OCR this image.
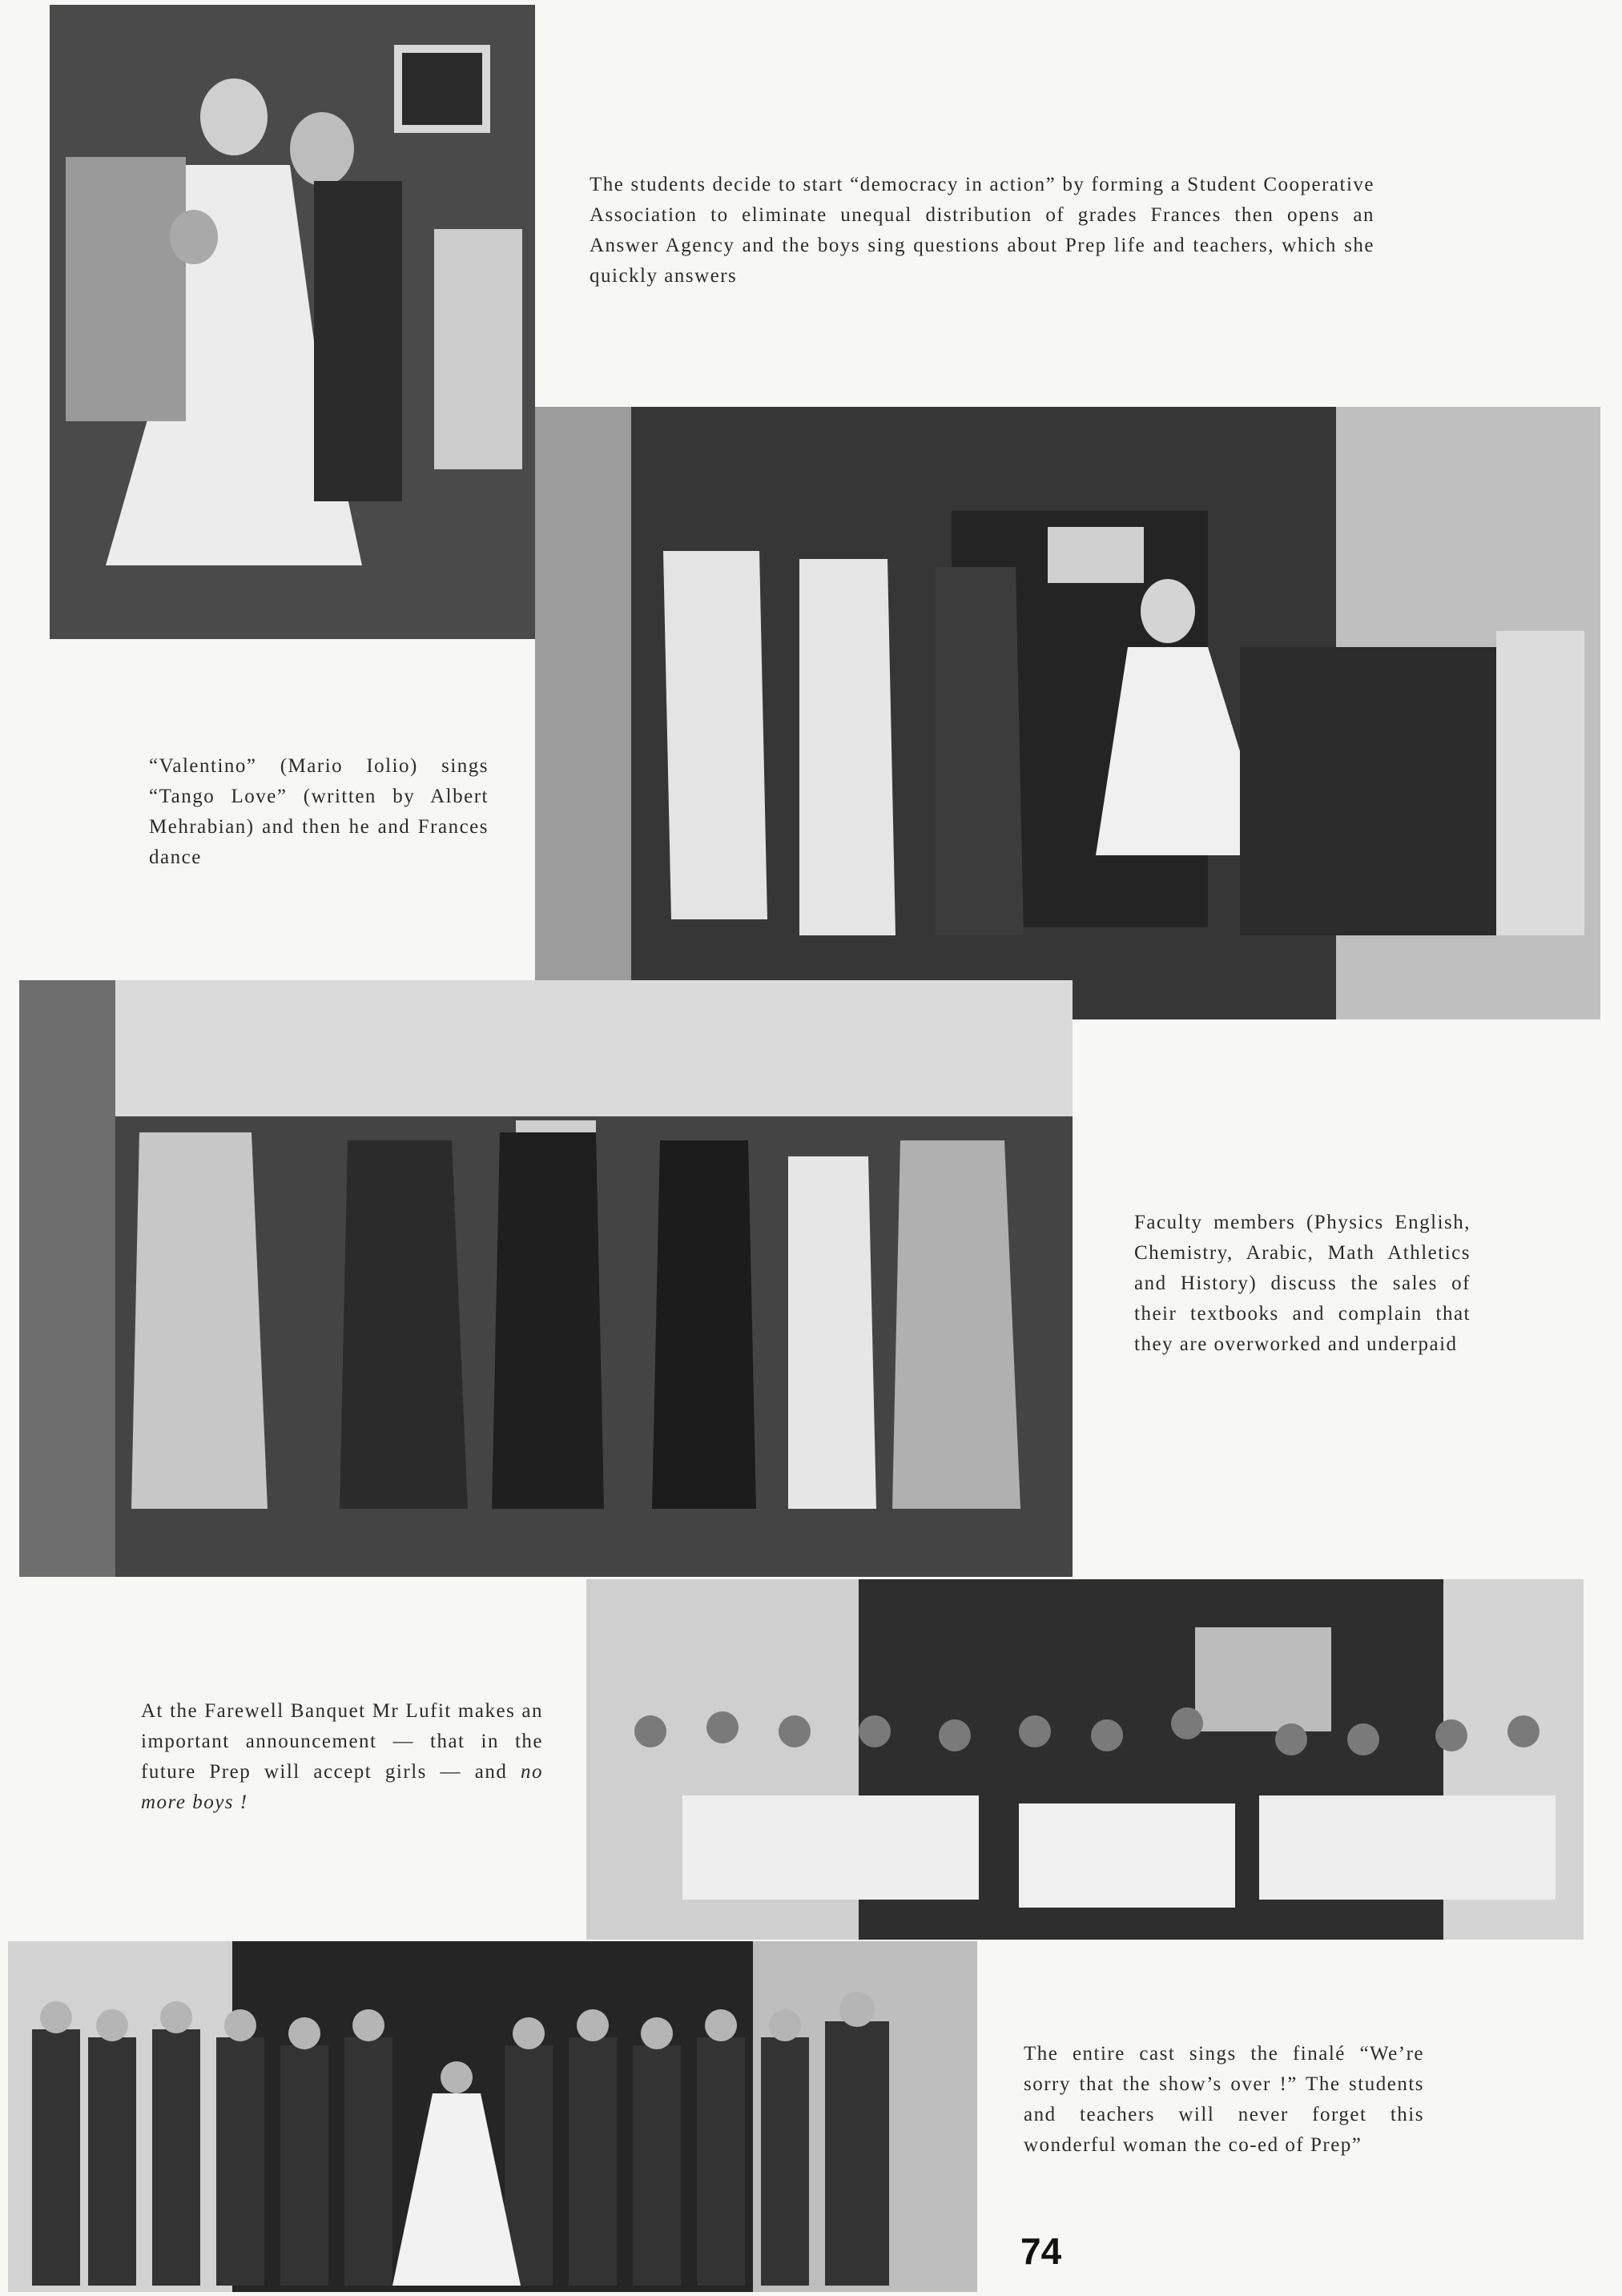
The students decide to start “democracy in action” by forming a Student Cooperative Association to eliminate unequal distribution of grades Frances then opens an Answer Agency and the boys sing questions about Prep life and teachers, which she quickly answers
“Valentino” (Mario Iolio) sings “Tango Love” (written by Albert Mehrabian) and then he and Frances dance
Faculty members (Physics English, Chemistry, Arabic, Math Athletics and History) discuss the sales of their textbooks and complain that they are overworked and underpaid
At the Farewell Banquet Mr Lufit makes an important announcement — that in the future Prep will accept girls — and no more boys !
The entire cast sings the finalé “We’re sorry that the show’s over !” The students and teachers will never forget this wonderful woman the co-ed of Prep”
74
